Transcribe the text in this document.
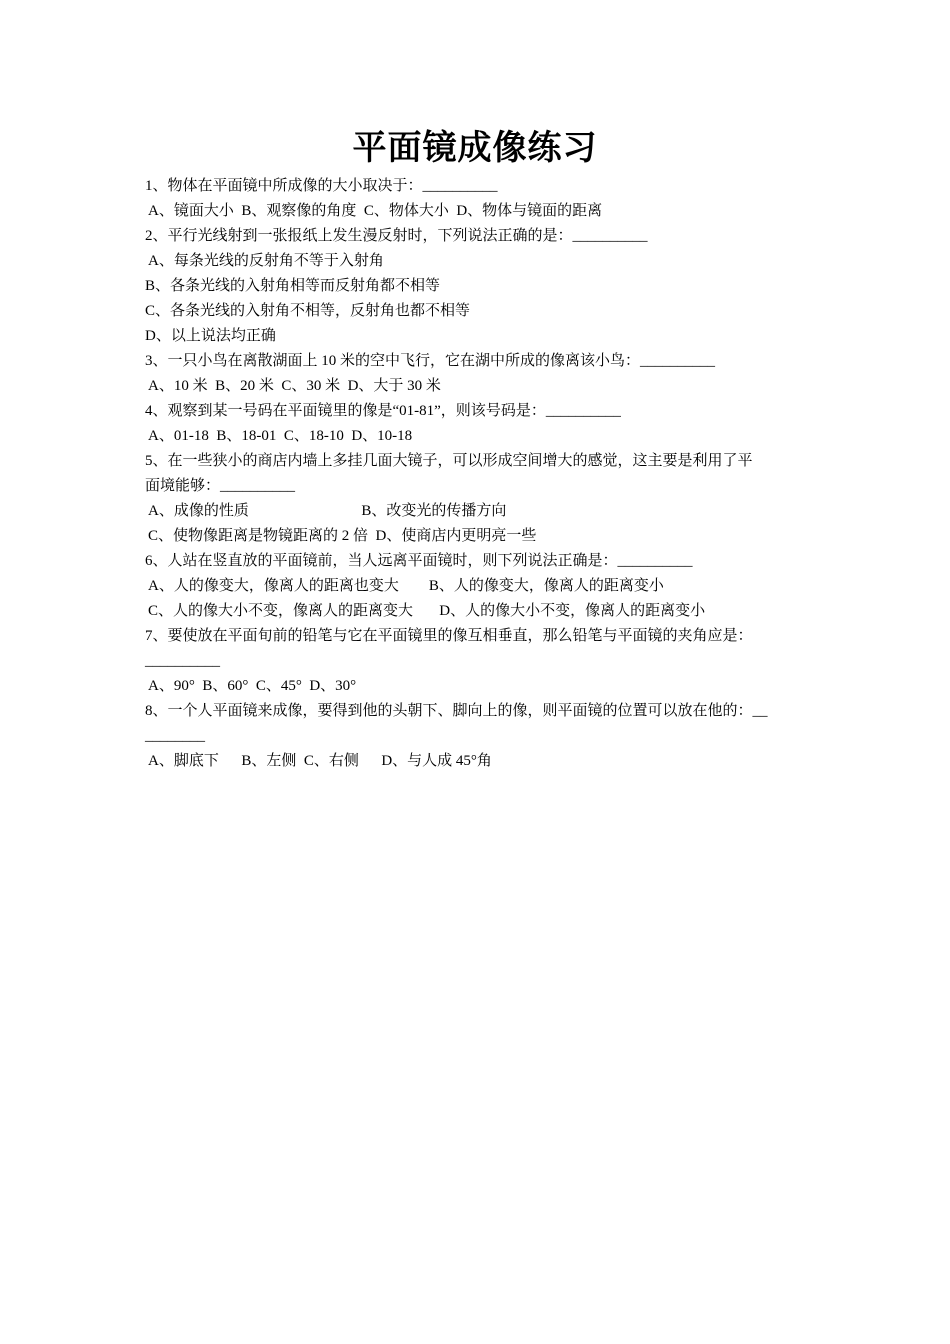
平面镜成像练习
1、物体在平面镜中所成像的大小取决于：__________
A、镜面大小  B、观察像的角度  C、物体大小  D、物体与镜面的距离
2、平行光线射到一张报纸上发生漫反射时，下列说法正确的是：__________
A、每条光线的反射角不等于入射角
B、各条光线的入射角相等而反射角都不相等
C、各条光线的入射角不相等，反射角也都不相等
D、以上说法均正确
3、一只小鸟在离散湖面上 10 米的空中飞行，它在湖中所成的像离该小鸟：__________
A、10 米  B、20 米  C、30 米  D、大于 30 米
4、观察到某一号码在平面镜里的像是“01-81”，则该号码是：__________
A、01-18  B、18-01  C、18-10  D、10-18
5、在一些狭小的商店内墙上多挂几面大镜子，可以形成空间增大的感觉，这主要是利用了平
面境能够：__________
A、成像的性质                              B、改变光的传播方向
C、使物像距离是物镜距离的 2 倍  D、使商店内更明亮一些
6、人站在竖直放的平面镜前，当人远离平面镜时，则下列说法正确是：__________
A、人的像变大，像离人的距离也变大        B、人的像变大，像离人的距离变小
C、人的像大小不变，像离人的距离变大       D、人的像大小不变，像离人的距离变小
7、要使放在平面旬前的铅笔与它在平面镜里的像互相垂直，那么铅笔与平面镜的夹角应是：
__________
A、90°  B、60°  C、45°  D、30°
8、一个人平面镜来成像，要得到他的头朝下、脚向上的像，则平面镜的位置可以放在他的：__
________
A、脚底下      B、左侧  C、右侧      D、与人成 45°角
